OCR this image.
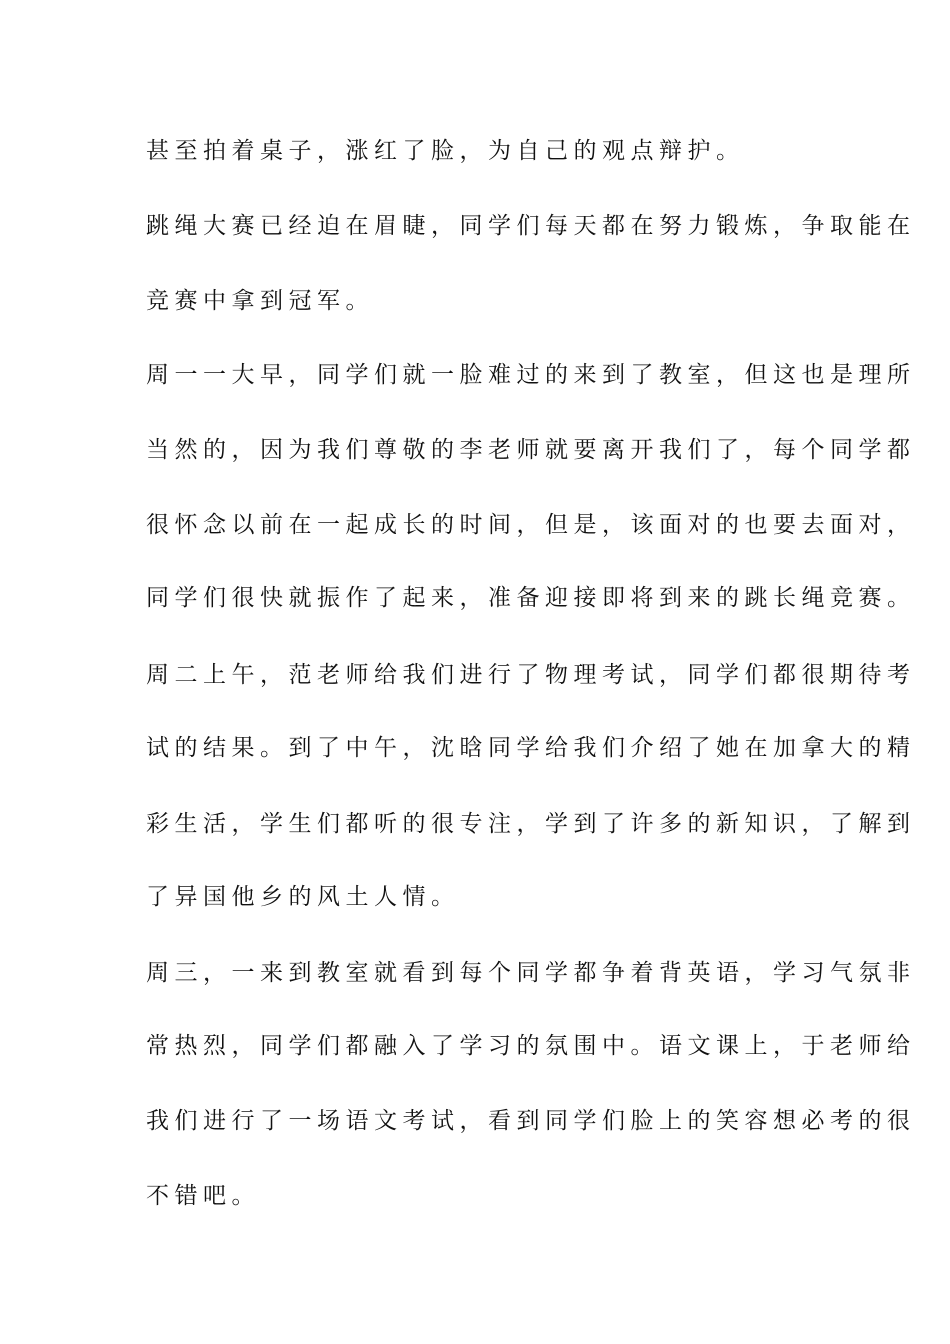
甚至拍着桌子，涨红了脸，为自己的观点辩护。
跳绳大赛已经迫在眉睫，同学们每天都在努力锻炼，争取能在
竞赛中拿到冠军。
周一一大早，同学们就一脸难过的来到了教室，但这也是理所
当然的，因为我们尊敬的李老师就要离开我们了，每个同学都
很怀念以前在一起成长的时间，但是，该面对的也要去面对，
同学们很快就振作了起来，准备迎接即将到来的跳长绳竞赛。
周二上午，范老师给我们进行了物理考试，同学们都很期待考
试的结果。到了中午，沈晗同学给我们介绍了她在加拿大的精
彩生活，学生们都听的很专注，学到了许多的新知识，了解到
了异国他乡的风土人情。
周三，一来到教室就看到每个同学都争着背英语，学习气氛非
常热烈，同学们都融入了学习的氛围中。语文课上，于老师给
我们进行了一场语文考试，看到同学们脸上的笑容想必考的很
不错吧。
